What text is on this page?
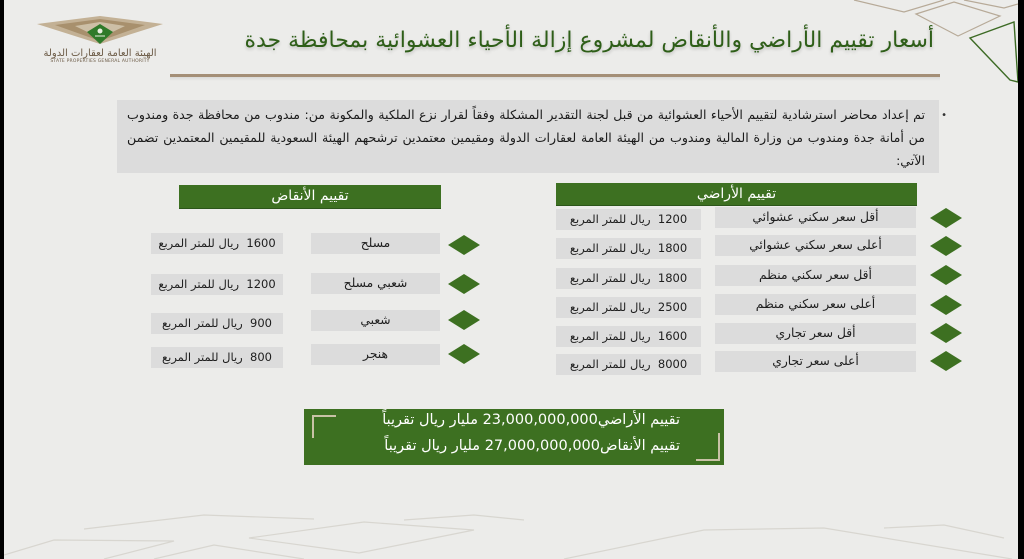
الهيئة العامة لعقارات الدولة
STATE PROPERTIES GENERAL AUTHORITY
أسعار تقييم الأراضي والأنقاض لمشروع إزالة الأحياء العشوائية بمحافظة جدة
•
تم إعداد محاضر استرشادية لتقييم الأحياء العشوائية من قبل لجنة التقدير المشكلة وفقاً لقرار نزع الملكية والمكونة من: مندوب من محافظة جدة ومندوب من أمانة جدة ومندوب من وزارة المالية ومندوب من الهيئة العامة لعقارات الدولة ومقيمين معتمدين ترشحهم الهيئة السعودية للمقيمين المعتمدين تضمن الآتي:
تقييم الأراضي
أقل سعر سكني عشوائي
1200  ريال للمتر المربع
أعلى سعر سكني عشوائي
1800  ريال للمتر المربع
أقل سعر سكني منظم
1800  ريال للمتر المربع
أعلى سعر سكني منظم
2500  ريال للمتر المربع
أقل سعر تجاري
1600  ريال للمتر المربع
أعلى سعر تجاري
8000  ريال للمتر المربع
تقييم الأنقاض
مسلح
1600  ريال للمتر المربع
شعبي مسلح
1200  ريال للمتر المربع
شعبي
900  ريال للمتر المربع
هنجر
800  ريال للمتر المربع
تقييم الأراضي23,000,000,000 مليار ريال تقريباً
تقييم الأنقاض27,000,000,000 مليار ريال تقريباً
